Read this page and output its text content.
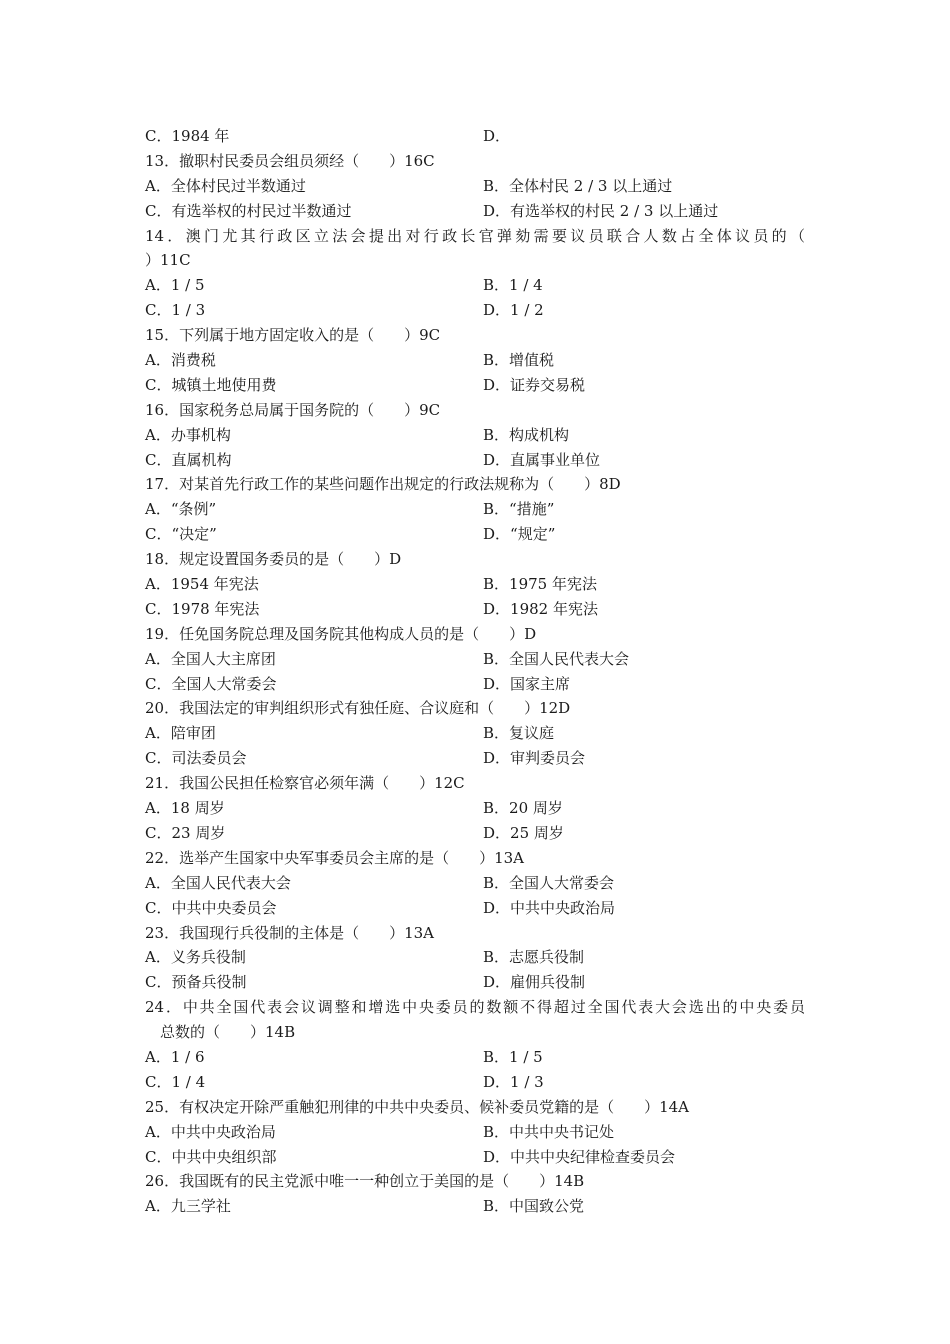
C．1984 年	D．
13．撤职村民委员会组员须经（　　）16C
A．全体村民过半数通过	B．全体村民 2 / 3 以上通过
C．有选举权的村民过半数通过	D．有选举权的村民 2 / 3 以上通过
14．澳门尤其行政区立法会提出对行政长官弹劾需要议员联合人数占全体议员的（
）11C
A．1 / 5	B．1 / 4
C．1 / 3	D．1 / 2
15．下列属于地方固定收入的是（　　）9C
A．消费税	B．增值税
C．城镇土地使用费	D．证券交易税
16．国家税务总局属于国务院的（　　）9C
A．办事机构	B．构成机构
C．直属机构	D．直属事业单位
17．对某首先行政工作的某些问题作出规定的行政法规称为（　　）8D
A．“条例”	B．“措施”
C．“决定”	D．“规定”
18．规定设置国务委员的是（　　）D
A．1954 年宪法	B．1975 年宪法
C．1978 年宪法	D．1982 年宪法
19．任免国务院总理及国务院其他构成人员的是（　　）D
A．全国人大主席团	B．全国人民代表大会
C．全国人大常委会	D．国家主席
20．我国法定的审判组织形式有独任庭、合议庭和（　　）12D
A．陪审团	B．复议庭
C．司法委员会	D．审判委员会
21．我国公民担任检察官必须年满（　　）12C
A．18 周岁	B．20 周岁
C．23 周岁	D．25 周岁
22．选举产生国家中央军事委员会主席的是（　　）13A
A．全国人民代表大会	B．全国人大常委会
C．中共中央委员会	D．中共中央政治局
23．我国现行兵役制的主体是（　　）13A
A．义务兵役制	B．志愿兵役制
C．预备兵役制	D．雇佣兵役制
24．中共全国代表会议调整和增选中央委员的数额不得超过全国代表大会选出的中央委员
总数的（　　）14B
A．1 / 6	B．1 / 5
C．1 / 4	D．1 / 3
25．有权决定开除严重触犯刑律的中共中央委员、候补委员党籍的是（　　）14A
A．中共中央政治局	B．中共中央书记处
C．中共中央组织部	D．中共中央纪律检查委员会
26．我国既有的民主党派中唯一一种创立于美国的是（　　）14B
A．九三学社	B．中国致公党
